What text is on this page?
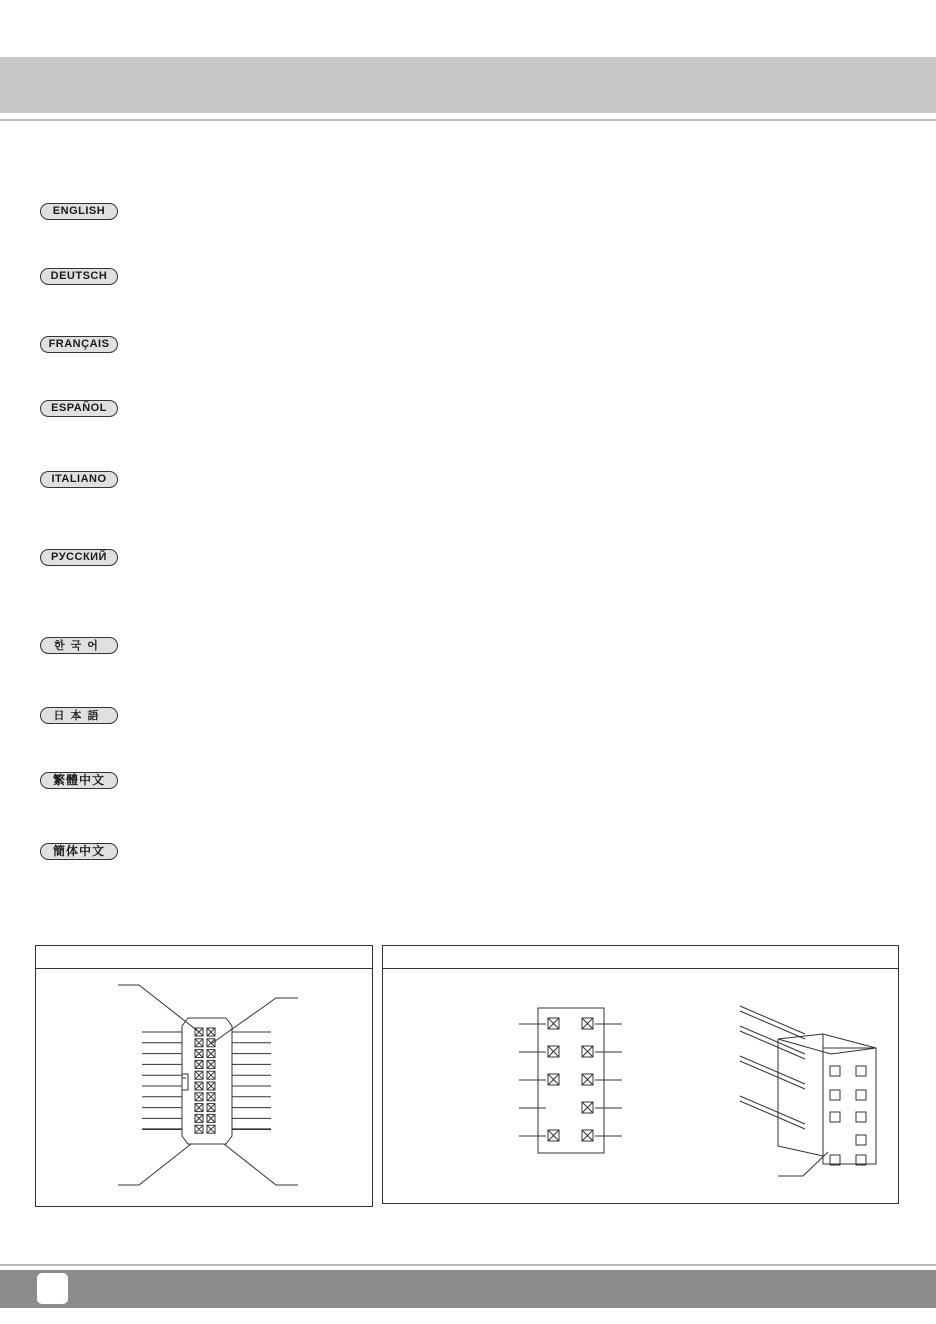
ENGLISH
DEUTSCH
FRANÇAIS
ESPAÑOL
ITALIANO
РУССКИЙ
한국어
日本語
繁體中文
簡体中文
